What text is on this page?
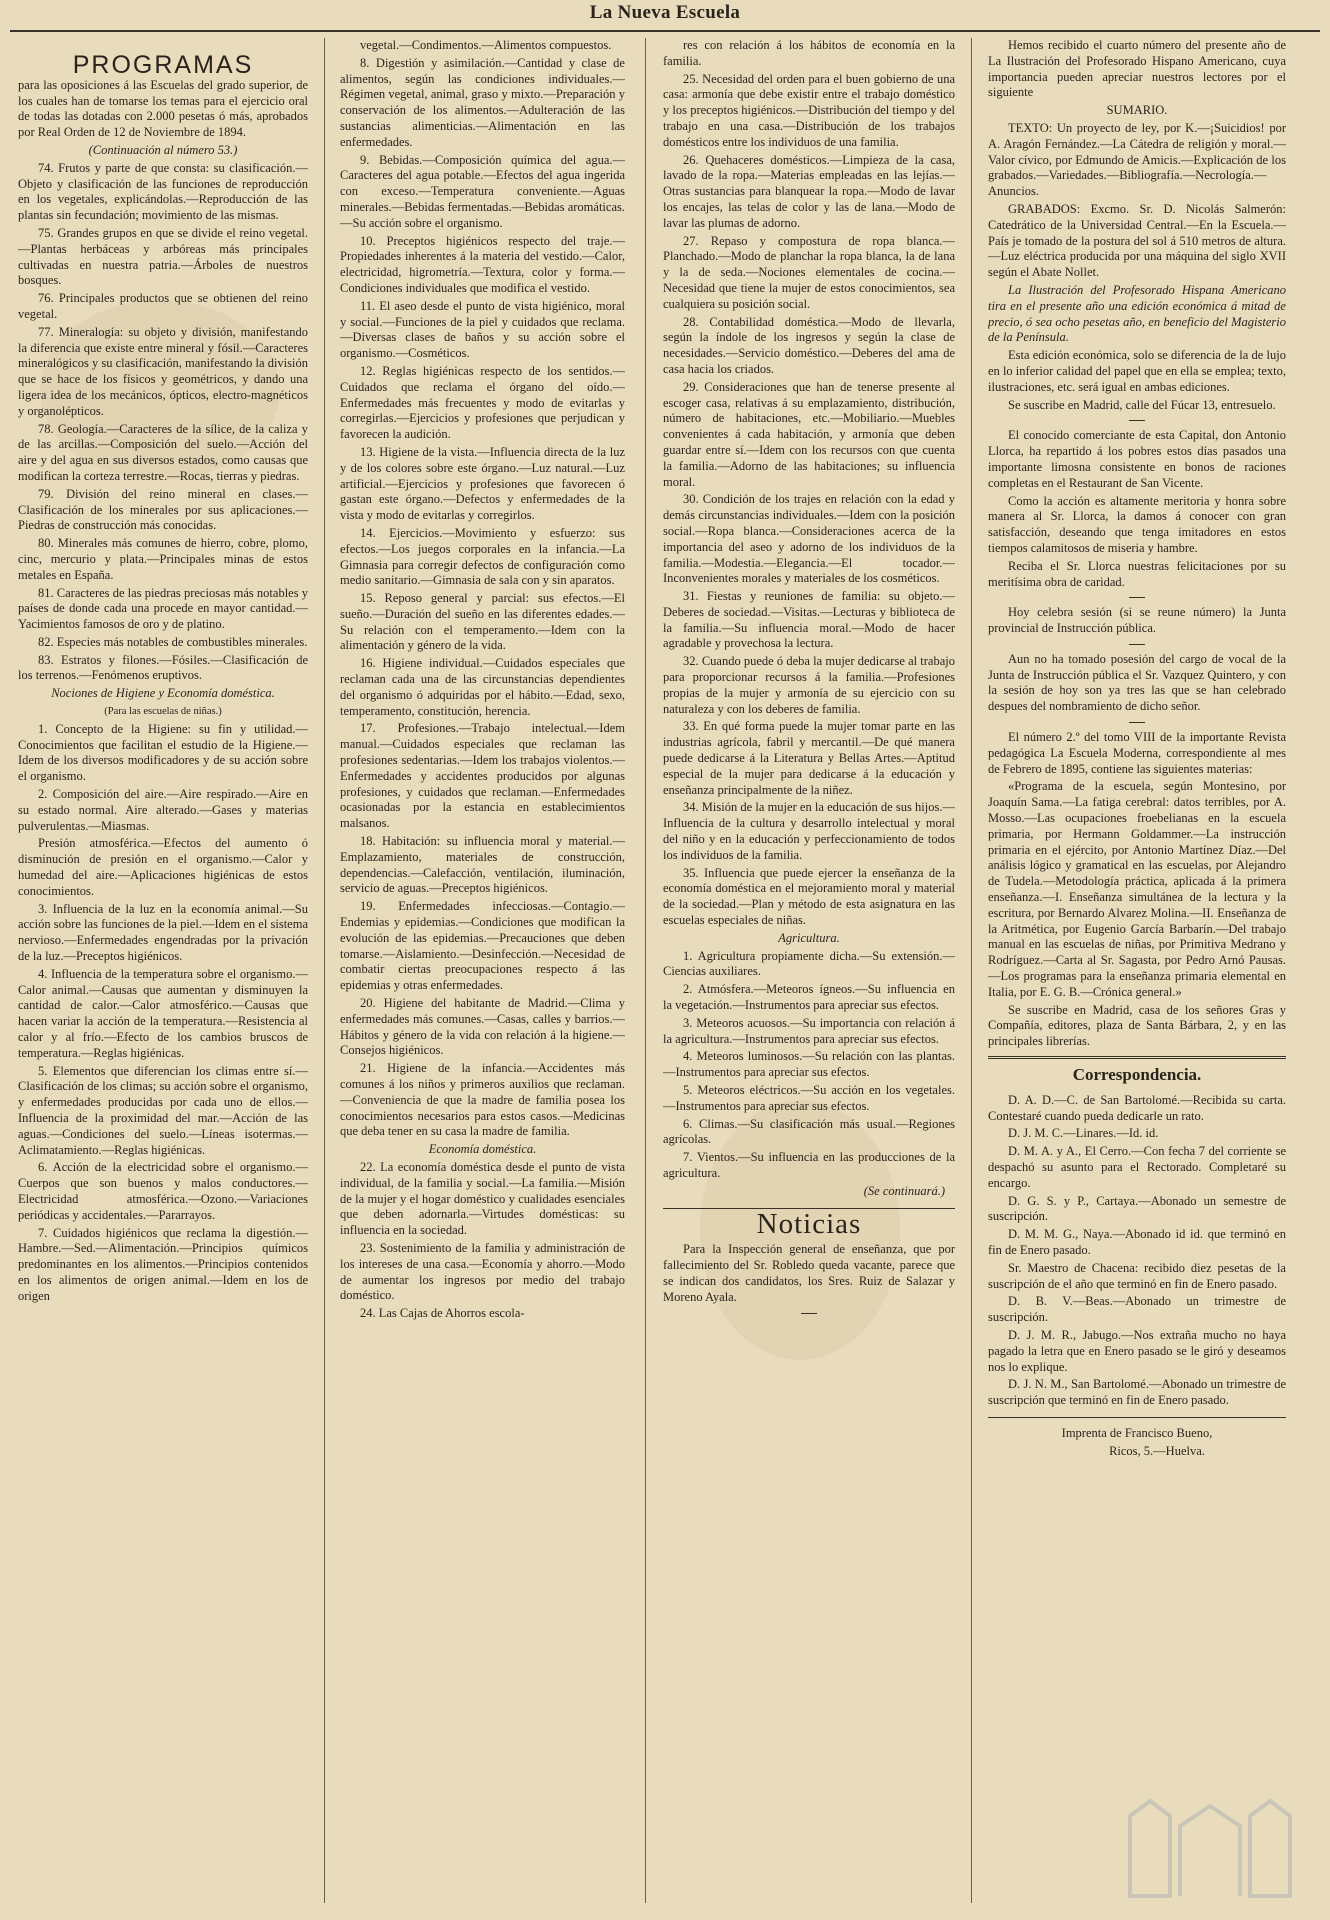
La Nueva Escuela
PROGRAMAS

para las oposiciones á las Escuelas del grado superior, de los cuales han de tomarse los temas para el ejercicio oral de todas las dotadas con 2.000 pesetas ó más, aprobados por Real Orden de 12 de Noviembre de 1894.

(Continuación al número 53.)

74. Frutos y parte de que consta: su clasificación.—Objeto y clasificación de las funciones de reproducción en los vegetales, explicándolas.—Reproducción de las plantas sin fecundación; movimiento de las mismas.

75. Grandes grupos en que se divide el reino vegetal.—Plantas herbáceas y arbóreas más principales cultivadas en nuestra patria.—Árboles de nuestros bosques.

76. Principales productos que se obtienen del reino vegetal.

77. Mineralogía: su objeto y división, manifestando la diferencia que existe entre mineral y fósil.—Caracteres mineralógicos y su clasificación, manifestando la división que se hace de los físicos y geométricos, y dando una ligera idea de los mecánicos, ópticos, electro-magnéticos y organolépticos.

78. Geología.—Caracteres de la sílice, de la caliza y de las arcillas.—Composición del suelo.—Acción del aire y del agua en sus diversos estados, como causas que modifican la corteza terrestre.—Rocas, tierras y piedras.

79. División del reino mineral en clases.—Clasificación de los minerales por sus aplicaciones.—Piedras de construcción más conocidas.

80. Minerales más comunes de hierro, cobre, plomo, cinc, mercurio y plata.—Principales minas de estos metales en España.

81. Caracteres de las piedras preciosas más notables y países de donde cada una procede en mayor cantidad.—Yacimientos famosos de oro y de platino.

82. Especies más notables de combustibles minerales.

83. Estratos y filones.—Fósiles.—Clasificación de los terrenos.—Fenómenos eruptivos.

Nociones de Higiene y Economía doméstica.

(Para las escuelas de niñas.)

1. Concepto de la Higiene: su fin y utilidad.—Conocimientos que facilitan el estudio de la Higiene.—Idem de los diversos modificadores y de su acción sobre el organismo.

2. Composición del aire.—Aire respirado.—Aire en su estado normal. Aire alterado.—Gases y materias pulverulentas.—Miasmas.

Presión atmosférica.—Efectos del aumento ó disminución de presión en el organismo.—Calor y humedad del aire.—Aplicaciones higiénicas de estos conocimientos.

3. Influencia de la luz en la economía animal.—Su acción sobre las funciones de la piel.—Idem en el sistema nervioso.—Enfermedades engendradas por la privación de la luz.—Preceptos higiénicos.

4. Influencia de la temperatura sobre el organismo.—Calor animal.—Causas que aumentan y disminuyen la cantidad de calor.—Calor atmosférico.—Causas que hacen variar la acción de la temperatura.—Resistencia al calor y al frío.—Efecto de los cambios bruscos de temperatura.—Reglas higiénicas.

5. Elementos que diferencian los climas entre sí.—Clasificación de los climas; su acción sobre el organismo, y enfermedades producidas por cada uno de ellos.—Influencia de la proximidad del mar.—Acción de las aguas.—Condiciones del suelo.—Líneas isotermas.—Aclimatamiento.—Reglas higiénicas.

6. Acción de la electricidad sobre el organismo.—Cuerpos que son buenos y malos conductores.—Electricidad atmosférica.—Ozono.—Variaciones periódicas y accidentales.—Pararrayos.

7. Cuidados higiénicos que reclama la digestión.—Hambre.—Sed.—Alimentación.—Principios químicos predominantes en los alimentos.—Principios contenidos en los alimentos de origen animal.—Idem en los de origen

vegetal.—Condimentos.—Alimentos compuestos.

8. Digestión y asimilación.—Cantidad y clase de alimentos, según las condiciones individuales.—Régimen vegetal, animal, graso y mixto.—Preparación y conservación de los alimentos.—Adulteración de las sustancias alimenticias.—Alimentación en las enfermedades.

9. Bebidas.—Composición química del agua.—Caracteres del agua potable.—Efectos del agua ingerida con exceso.—Temperatura conveniente.—Aguas minerales.—Bebidas fermentadas.—Bebidas aromáticas.—Su acción sobre el organismo.

10. Preceptos higiénicos respecto del traje.—Propiedades inherentes á la materia del vestido.—Calor, electricidad, higrometría.—Textura, color y forma.—Condiciones individuales que modifica el vestido.

11. El aseo desde el punto de vista higiénico, moral y social.—Funciones de la piel y cuidados que reclama.—Diversas clases de baños y su acción sobre el organismo.—Cosméticos.

12. Reglas higiénicas respecto de los sentidos.—Cuidados que reclama el órgano del oído.—Enfermedades más frecuentes y modo de evitarlas y corregirlas.—Ejercicios y profesiones que perjudican y favorecen la audición.

13. Higiene de la vista.—Influencia directa de la luz y de los colores sobre este órgano.—Luz natural.—Luz artificial.—Ejercicios y profesiones que favorecen ó gastan este órgano.—Defectos y enfermedades de la vista y modo de evitarlas y corregirlos.

14. Ejercicios.—Movimiento y esfuerzo: sus efectos.—Los juegos corporales en la infancia.—La Gimnasia para corregir defectos de configuración como medio sanitario.—Gimnasia de sala con y sin aparatos.

15. Reposo general y parcial: sus efectos.—El sueño.—Duración del sueño en las diferentes edades.—Su relación con el temperamento.—Idem con la alimentación y género de la vida.

16. Higiene individual.—Cuidados especiales que reclaman cada una de las circunstancias dependientes del organismo ó adquiridas por el hábito.—Edad, sexo, temperamento, constitución, herencia.

17. Profesiones.—Trabajo intelectual.—Idem manual.—Cuidados especiales que reclaman las profesiones sedentarias.—Idem los trabajos violentos.—Enfermedades y accidentes producidos por algunas profesiones, y cuidados que reclaman.—Enfermedades ocasionadas por la estancia en establecimientos malsanos.

18. Habitación: su influencia moral y material.—Emplazamiento, materiales de construcción, dependencias.—Calefacción, ventilación, iluminación, servicio de aguas.—Preceptos higiénicos.

19. Enfermedades infecciosas.—Contagio.—Endemias y epidemias.—Condiciones que modifican la evolución de las epidemias.—Precauciones que deben tomarse.—Aislamiento.—Desinfección.—Necesidad de combatir ciertas preocupaciones respecto á las epidemias y otras enfermedades.

20. Higiene del habitante de Madrid.—Clima y enfermedades más comunes.—Casas, calles y barrios.—Hábitos y género de la vida con relación á la higiene.—Consejos higiénicos.

21. Higiene de la infancia.—Accidentes más comunes á los niños y primeros auxilios que reclaman.—Conveniencia de que la madre de familia posea los conocimientos necesarios para estos casos.—Medicinas que deba tener en su casa la madre de familia.

Economía doméstica.

22. La economía doméstica desde el punto de vista individual, de la familia y social.—La familia.—Misión de la mujer y el hogar doméstico y cualidades esenciales que deben adornarla.—Virtudes domésticas: su influencia en la sociedad.

23. Sostenimiento de la familia y administración de los intereses de una casa.—Economía y ahorro.—Modo de aumentar los ingresos por medio del trabajo doméstico.

24. Las Cajas de Ahorros escola-

res con relación á los hábitos de economía en la familia.

25. Necesidad del orden para el buen gobierno de una casa: armonía que debe existir entre el trabajo doméstico y los preceptos higiénicos.—Distribución del tiempo y del trabajo en una casa.—Distribución de los trabajos domésticos entre los individuos de una familia.

26. Quehaceres domésticos.—Limpieza de la casa, lavado de la ropa.—Materias empleadas en las lejías.—Otras sustancias para blanquear la ropa.—Modo de lavar los encajes, las telas de color y las de lana.—Modo de lavar las plumas de adorno.

27. Repaso y compostura de ropa blanca.—Planchado.—Modo de planchar la ropa blanca, la de lana y la de seda.—Nociones elementales de cocina.—Necesidad que tiene la mujer de estos conocimientos, sea cualquiera su posición social.

28. Contabilidad doméstica.—Modo de llevarla, según la índole de los ingresos y según la clase de necesidades.—Servicio doméstico.—Deberes del ama de casa hacia los criados.

29. Consideraciones que han de tenerse presente al escoger casa, relativas á su emplazamiento, distribución, número de habitaciones, etc.—Mobiliario.—Muebles convenientes á cada habitación, y armonía que deben guardar entre sí.—Idem con los recursos con que cuenta la familia.—Adorno de las habitaciones; su influencia moral.

30. Condición de los trajes en relación con la edad y demás circunstancias individuales.—Idem con la posición social.—Ropa blanca.—Consideraciones acerca de la importancia del aseo y adorno de los individuos de la familia.—Modestia.—Elegancia.—El tocador.—Inconvenientes morales y materiales de los cosméticos.

31. Fiestas y reuniones de familia: su objeto.—Deberes de sociedad.—Visitas.—Lecturas y biblioteca de la familia.—Su influencia moral.—Modo de hacer agradable y provechosa la lectura.

32. Cuando puede ó deba la mujer dedicarse al trabajo para proporcionar recursos á la familia.—Profesiones propias de la mujer y armonía de su ejercicio con su naturaleza y con los deberes de familia.

33. En qué forma puede la mujer tomar parte en las industrias agrícola, fabril y mercantil.—De qué manera puede dedicarse á la Literatura y Bellas Artes.—Aptitud especial de la mujer para dedicarse á la educación y enseñanza principalmente de la niñez.

34. Misión de la mujer en la educación de sus hijos.—Influencia de la cultura y desarrollo intelectual y moral del niño y en la educación y perfeccionamiento de todos los individuos de la familia.

35. Influencia que puede ejercer la enseñanza de la economía doméstica en el mejoramiento moral y material de la sociedad.—Plan y método de esta asignatura en las escuelas especiales de niñas.

Agricultura.

1. Agricultura propiamente dicha.—Su extensión.—Ciencias auxiliares.

2. Atmósfera.—Meteoros ígneos.—Su influencia en la vegetación.—Instrumentos para apreciar sus efectos.

3. Meteoros acuosos.—Su importancia con relación á la agricultura.—Instrumentos para apreciar sus efectos.

4. Meteoros luminosos.—Su relación con las plantas.—Instrumentos para apreciar sus efectos.

5. Meteoros eléctricos.—Su acción en los vegetales.—Instrumentos para apreciar sus efectos.

6. Climas.—Su clasificación más usual.—Regiones agrícolas.

7. Vientos.—Su influencia en las producciones de la agricultura.

(Se continuará.)

Noticias

Para la Inspección general de enseñanza, que por fallecimiento del Sr. Robledo queda vacante, parece que se indican dos candidatos, los Sres. Ruiz de Salazar y Moreno Ayala.

Hemos recibido el cuarto número del presente año de La Ilustración del Profesorado Hispano Americano, cuya importancia pueden apreciar nuestros lectores por el siguiente

SUMARIO.

TEXTO: Un proyecto de ley, por K.—¡Suicidios! por A. Aragón Fernández.—La Cátedra de religión y moral.—Valor cívico, por Edmundo de Amicis.—Explicación de los grabados.—Variedades.—Bibliografía.—Necrología.—Anuncios.

GRABADOS: Excmo. Sr. D. Nicolás Salmerón: Catedrático de la Universidad Central.—En la Escuela.—País je tomado de la postura del sol á 510 metros de altura.—Luz eléctrica producida por una máquina del siglo XVII según el Abate Nollet.

La Ilustración del Profesorado Hispana Americano tira en el presente año una edición económica á mitad de precio, ó sea ocho pesetas año, en beneficio del Magisterio de la Península.

Esta edición económica, solo se diferencia de la de lujo en lo inferior calidad del papel que en ella se emplea; texto, ilustraciones, etc. será igual en ambas ediciones.

Se suscribe en Madrid, calle del Fúcar 13, entresuelo.

El conocido comerciante de esta Capital, don Antonio Llorca, ha repartido á los pobres estos días pasados una importante limosna consistente en bonos de raciones completas en el Restaurant de San Vicente.

Como la acción es altamente meritoria y honra sobre manera al Sr. Llorca, la damos á conocer con gran satisfacción, deseando que tenga imitadores en estos tiempos calamitosos de miseria y hambre.

Reciba el Sr. Llorca nuestras felicitaciones por su meritísima obra de caridad.

Hoy celebra sesión (si se reune número) la Junta provincial de Instrucción pública.

Aun no ha tomado posesión del cargo de vocal de la Junta de Instrucción pública el Sr. Vazquez Quintero, y con la sesión de hoy son ya tres las que se han celebrado despues del nombramiento de dicho señor.

El número 2.º del tomo VIII de la importante Revista pedagógica La Escuela Moderna, correspondiente al mes de Febrero de 1895, contiene las siguientes materias:

«Programa de la escuela, según Montesino, por Joaquín Sama.—La fatiga cerebral: datos terribles, por A. Mosso.—Las ocupaciones froebelianas en la escuela primaria, por Hermann Goldammer.—La instrucción primaria en el ejército, por Antonio Martínez Díaz.—Del análisis lógico y gramatical en las escuelas, por Alejandro de Tudela.—Metodología práctica, aplicada á la primera enseñanza.—I. Enseñanza simultánea de la lectura y la escritura, por Bernardo Alvarez Molina.—II. Enseñanza de la Aritmética, por Eugenio García Barbarín.—Del trabajo manual en las escuelas de niñas, por Primitiva Medrano y Rodríguez.—Carta al Sr. Sagasta, por Pedro Arnó Pausas.—Los programas para la enseñanza primaria elemental en Italia, por E. G. B.—Crónica general.»

Se suscribe en Madrid, casa de los señores Gras y Compañía, editores, plaza de Santa Bárbara, 2, y en las principales librerías.

Correspondencia.

D. A. D.—C. de San Bartolomé.—Recibida su carta. Contestaré cuando pueda dedicarle un rato.

D. J. M. C.—Linares.—Id. id.

D. M. A. y A., El Cerro.—Con fecha 7 del corriente se despachó su asunto para el Rectorado. Completaré su encargo.

D. G. S. y P., Cartaya.—Abonado un semestre de suscripción.

D. M. M. G., Naya.—Abonado id id. que terminó en fin de Enero pasado.

Sr. Maestro de Chacena: recibido diez pesetas de la suscripción de el año que terminó en fin de Enero pasado.

D. B. V.—Beas.—Abonado un trimestre de suscripción.

D. J. M. R., Jabugo.—Nos extraña mucho no haya pagado la letra que en Enero pasado se le giró y deseamos nos lo explique.

D. J. N. M., San Bartolomé.—Abonado un trimestre de suscripción que terminó en fin de Enero pasado.

Imprenta de Francisco Bueno,

Ricos, 5.—Huelva.
